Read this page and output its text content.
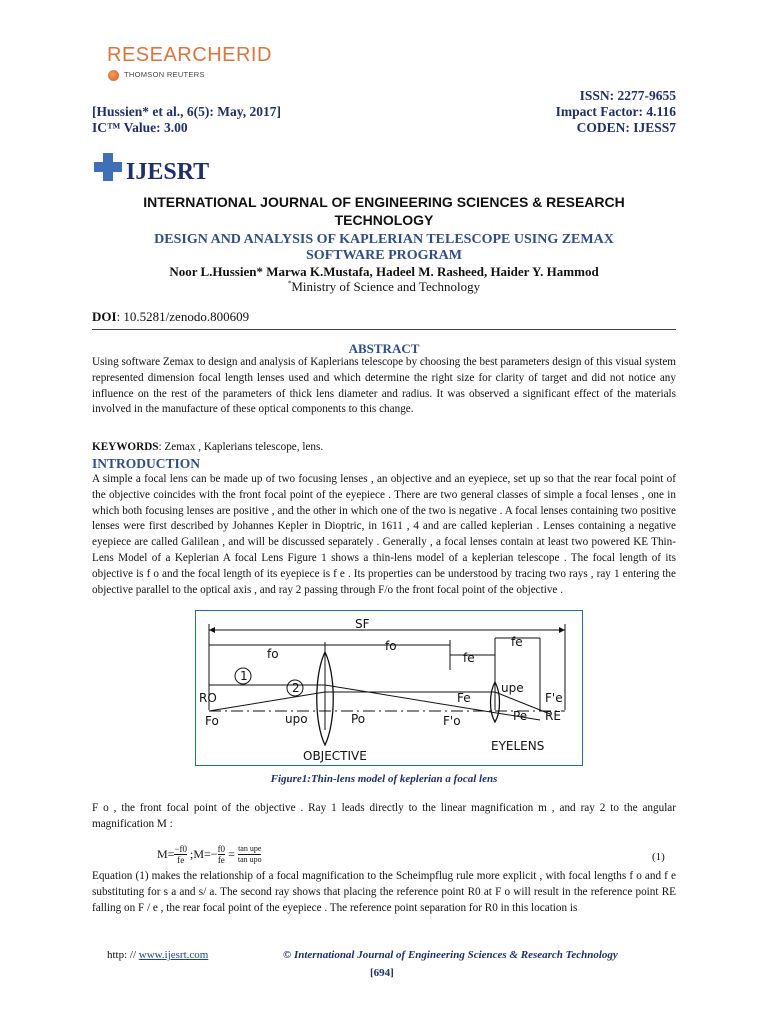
RESEARCHERID
THOMSON REUTERS
ISSN: 2277-9655
[Hussien* et al., 6(5): May, 2017]	Impact Factor: 4.116
IC™ Value: 3.00	CODEN: IJESS7
IJESRT
INTERNATIONAL JOURNAL OF ENGINEERING SCIENCES & RESEARCH
TECHNOLOGY
DESIGN AND ANALYSIS OF KAPLERIAN TELESCOPE USING ZEMAX
SOFTWARE PROGRAM
Noor L.Hussien* Marwa K.Mustafa, Hadeel M. Rasheed, Haider Y. Hammod
*Ministry of Science and Technology
DOI: 10.5281/zenodo.800609
ABSTRACT
Using software Zemax to design and analysis of Kaplerians telescope by choosing the best parameters design of this visual system represented dimension focal length lenses used and which determine the right size for clarity of target and did not notice any influence on the rest of the parameters of thick lens diameter and radius. It was observed a significant effect of the materials involved in the manufacture of these optical components to this change.
KEYWORDS: Zemax , Kaplerians telescope, lens.
INTRODUCTION
A simple a focal lens can be made up of two focusing lenses , an objective and an eyepiece, set up so that the rear focal point of the objective coincides with the front focal point of the eyepiece . There are two general classes of simple a focal lenses , one in which both focusing lenses are positive , and the other in which one of the two is negative . A focal lenses containing two positive lenses were first described by Johannes Kepler in Dioptric, in 1611 , 4 and are called keplerian . Lenses containing a negative eyepiece are called Galilean , and will be discussed separately . Generally , a focal lenses contain at least two powered KE Thin-Lens Model of a Keplerian A focal Lens Figure 1 shows a thin-lens model of a keplerian telescope . The focal length of its objective is f o and the focal length of its eyepiece is f e . Its properties can be understood by tracing two rays , ray 1 entering the objective parallel to the optical axis , and ray 2 passing through F/o the front focal point of the objective .
SF
fo
fo
fe
fe
1
2
RO
Fo	upo	Po
Fe
F'o
upe
F'e
Pe RE
OBJECTIVE
EYELENS
Figure1:Thin-lens model of keplerian a focal lens
F o , the front focal point of the objective . Ray 1 leads directly to the linear magnification m , and ray 2 to the angular magnification M :
$M= \frac{-f0}{fe}$ ;M=− $\frac{f0}{fe} = \tan$ upe
tan upo	(1)
Equation (1) makes the relationship of a focal magnification to the Scheimpflug rule more explicit , with focal lengths f o and f e substituting for s a and s/ a. The second ray shows that placing the reference point R0 at F o will result in the reference point RE falling on F / e , the rear focal point of the eyepiece . The reference point separation for R0 in this location is
http: // www.ijesrt.com	© International Journal of Engineering Sciences & Research Technology
[694]
